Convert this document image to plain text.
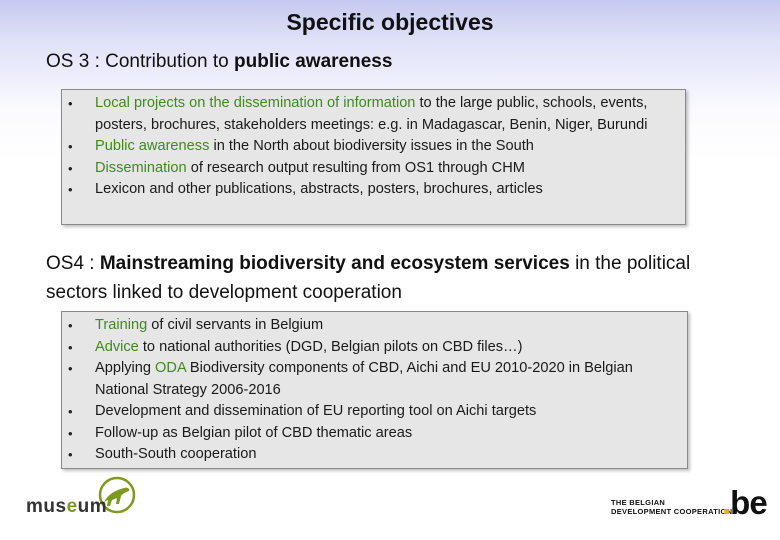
Specific objectives
OS 3 : Contribution to public awareness
• Local projects on the dissemination of information to the large public, schools, events, posters, brochures, stakeholders meetings: e.g. in Madagascar, Benin, Niger, Burundi
• Public awareness in the North about biodiversity issues in the South
• Dissemination of research output resulting from OS1 through CHM
• Lexicon and other publications, abstracts, posters, brochures, articles
OS4 : Mainstreaming biodiversity and ecosystem services in the political sectors linked to development cooperation
• Training of civil servants in Belgium
• Advice to national authorities (DGD, Belgian pilots on CBD files…)
• Applying ODA Biodiversity components of CBD, Aichi and EU 2010-2020 in Belgian National Strategy 2006-2016
• Development and dissemination of EU reporting tool on Aichi targets
• Follow-up as Belgian pilot of CBD thematic areas
• South-South cooperation
museum	THE BELGIAN
DEVELOPMENT COOPERATION
.be
